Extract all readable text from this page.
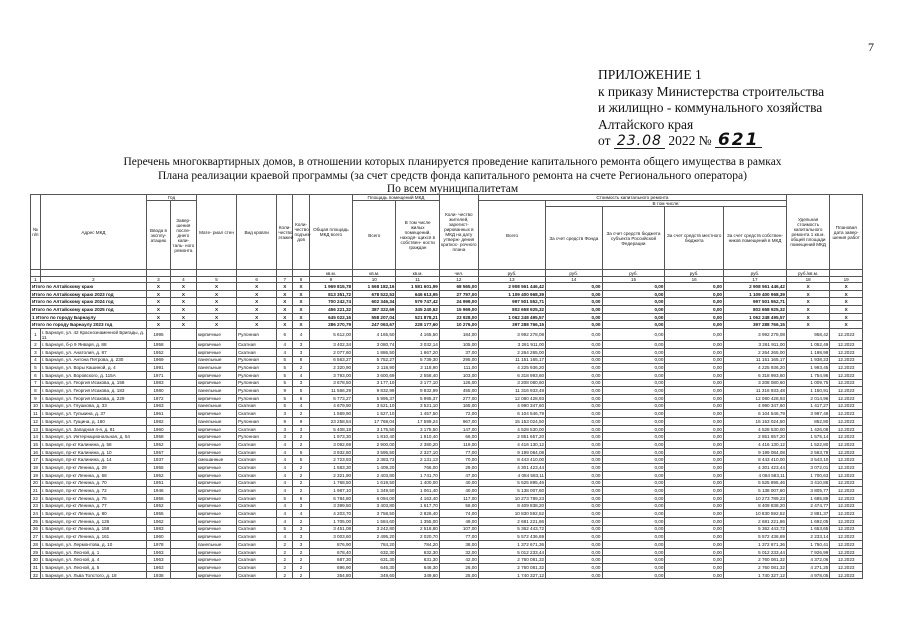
7
ПРИЛОЖЕНИЕ 1
к приказу Министерства строительства
и жилищно - коммунального хозяйства
Алтайского края
от 23.08 2022 № 621
Перечень многоквартирных домов, в отношении которых планируется проведение капитального ремонта общего имущества в рамках
Плана реализации краевой программы (за счет средств фонда капитального ремонта на счете Регионального оператора)
По всем муниципалитетам
№ п/п	Адрес МКД	Год		Мате- риал стен	Вид кровли	Коли- чество этажей	Коли- чество подъез- дов	Общая площадь МКД всего	Площадь помещений МКД		Коли- чество жителей, зарегист- рированных в МКД на дату утверж- дения краткос- рочного плана	Стоимость капитального ремонта					Удельная стоимость капитального ремонта 1 кв.м. общей площади помещений МКД	Плановая дата завер- шения работ
		Ввода в эксплу- атацию	Завер- шения после- днего капи- таль- ного ремонта						Всего	В том числе жилых помещений, находя- щихся в собствен- ности граждан		Всего	В том числе:					
													За счет средств Фонда	За счет средств бюджета субъекта Российской Федерации	За счет средств местного бюджета	За счет средств собствен- ников помещений в МКД		
								кв.м.	кв.м.	кв.м.	чел.	руб.	руб.	руб.	руб.	руб.	руб./кв.м.	
1	2	3	4	5	6	7	8	9	10	11	12	13	14	15	16	17	18	19
Итого по Алтайскому краю		X	X	X	X	X	X	1 969 815,78	1 668 182,16	1 581 601,99	68 565,00	2 908 561 446,42	0,00	0,00	0,00	2 908 561 446,42	X	X
Итого по Алтайскому краю 2023 год		X	X	X	X	X	X	813 351,72	678 522,53	646 613,95	27 797,00	1 109 400 968,39	0,00	0,00	0,00	1 109 400 968,39	X	X
Итого по Алтайскому краю 2024 год		X	X	X	X	X	X	700 242,74	602 346,34	579 747,42	24 999,00	997 501 552,71	0,00	0,00	0,00	997 501 552,71	X	X
Итого по Алтайскому краю 2025 год		X	X	X	X	X	X	456 221,32	387 322,69	345 240,62	15 969,00	802 658 925,32	0,00	0,00	0,00	802 658 925,32	X	X
1 Итого по городу Барнаулу		X	X	X	X	X	X	645 022,16	558 207,04	521 878,21	23 928,00	1 062 248 495,57	0,00	0,00	0,00	1 062 248 495,57	X	X
Итого по городу Барнаулу 2023 год		X	X	X	X	X	X	286 270,79	247 063,67	228 177,60	10 276,00	397 288 766,15	0,00	0,00	0,00	397 288 766,15	X	X
1	г. Барнаул, ул. 42 Краснознаменной Бригады, д. 11	1995		кирпичные	Рулонная	6	4	5 612,00	4 165,50	4 165,50	184,00	3 992 278,08	0,00	0,00	0,00	3 992 278,08	958,42	12.2023
2	г. Барнаул, б-р 9 Января, д. 88	1958		кирпичные	Скатная	4	3	3 402,34	3 080,74	3 032,14	105,00	3 261 911,00	0,00	0,00	0,00	3 261 911,00	1 052,49	12.2023
3	г. Барнаул, ул. Анатолия, д. 87	1952		кирпичные	Скатная	4	3	2 077,60	1 886,50	1 667,20	37,00	2 264 265,00	0,00	0,00	0,00	2 264 265,00	1 198,98	12.2023
4	г. Барнаул, ул. Антона Петрова, д. 230	1969		панельные	Рулонная	5	8	6 563,27	5 752,27	5 739,30	295,00	11 151 165,17	0,00	0,00	0,00	11 151 165,17	1 938,23	12.2023
5	г. Барнаул, ул. Воры Кашиной, д. 4	1991		панельные	Рулонная	5	2	2 320,90	2 118,90	2 118,90	111,00	4 225 936,20	0,00	0,00	0,00	4 225 936,20	1 993,45	12.2023
6	г. Барнаул, ул. Воровского, д. 115А	1971		кирпичные	Рулонная	5	4	3 793,00	3 600,69	2 558,40	103,00	6 318 993,60	0,00	0,00	0,00	6 318 993,60	1 754,96	12.2023
7	г. Барнаул, ул. Георгия Исакова, д. 158	1983		кирпичные	Рулонная	5	3	3 678,50	3 177,10	3 177,10	126,00	3 208 080,60	0,00	0,00	0,00	3 208 080,60	1 009,75	12.2023
8	г. Барнаул, ул. Георгия Исакова, д. 183	1980		панельные	Рулонная	9	5	11 566,29	9 832,99	9 832,99	455,00	11 316 933,48	0,00	0,00	0,00	11 316 933,48	1 150,91	12.2023
9	г. Барнаул, ул. Георгия Исакова, д. 229	1972		кирпичные	Рулонная	5	6	6 773,27	5 995,37	5 995,37	277,00	12 080 428,93	0,00	0,00	0,00	12 080 428,93	2 014,96	12.2023
10	г. Барнаул, ул. Глушкова, д. 33	1963		панельные	Скатная	5	4	4 679,90	3 521,10	3 521,10	165,00	4 990 347,60	0,00	0,00	0,00	4 990 347,60	1 417,27	12.2023
11	г. Барнаул, ул. Гулькина, д. 37	1961		кирпичные	Скатная	3	2	1 569,90	1 527,10	1 457,50	72,00	6 104 546,79	0,00	0,00	0,00	6 104 546,79	3 997,48	12.2023
12	г. Барнаул, ул. Гущина, д. 160	1982		панельные	Рулонная	9	9	23 258,54	17 768,04	17 599,24	967,00	15 153 024,50	0,00	0,00	0,00	15 153 024,50	852,80	12.2023
13	г. Барнаул, ул. Западная 4-я, д. 81	1960		кирпичные	Скатная	3	3	5 408,18	3 175,50	3 175,50	147,00	4 528 530,00	0,00	0,00	0,00	4 528 530,00	1 426,08	12.2023
14	г. Барнаул, ул. Интернациональная, д. 54	1958		кирпичные	Рулонная	3	2	1 973,30	1 810,40	1 810,40	66,00	2 851 657,20	0,00	0,00	0,00	2 851 657,20	1 575,14	12.2023
15	г. Барнаул, пр-кт Калинина, д. 58	1952		кирпичные	Скатная	4	2	3 092,69	2 900,00	2 380,20	119,00	4 416 130,12	0,00	0,00	0,00	4 416 130,12	1 522,80	12.2023
16	г. Барнаул, пр-кт Калинина, д. 10	1957		кирпичные	Скатная	4	5	3 932,80	3 595,50	2 327,10	77,00	9 199 084,08	0,00	0,00	0,00	9 199 084,08	2 563,78	12.2023
17	г. Барнаул, пр-кт Калинина, д. 14	1937		смешанные	Скатная	4	5	2 723,93	2 383,73	2 131,13	70,00	8 443 410,00	0,00	0,00	0,00	8 443 410,00	3 543,10	12.2023
18	г. Барнаул, пр-кт Ленина, д. 29	1955		кирпичные	Скатная	4	2	1 583,30	1 409,20	766,00	29,00	4 301 423,44	0,00	0,00	0,00	4 301 423,44	3 072,01	12.2023
19	г. Барнаул, пр-кт Ленина, д. 58	1952		кирпичные	Скатная	4	2	2 321,90	2 403,80	1 741,70	47,00	4 084 583,11	0,00	0,00	0,00	4 084 583,11	1 700,63	12.2023
20	г. Барнаул, пр-кт Ленина, д. 70	1951		кирпичные	Скатная	4	2	1 768,50	1 619,50	1 400,00	40,00	5 525 895,46	0,00	0,00	0,00	5 525 895,46	3 410,86	12.2023
21	г. Барнаул, пр-кт Ленина, д. 72	1946		кирпичные	Скатная	4	2	1 987,10	1 349,50	1 061,40	40,00	5 138 007,60	0,00	0,00	0,00	5 138 007,60	3 805,77	12.2023
22	г. Барнаул, пр-кт Ленина, д. 75	1956		кирпичные	Скатная	5	6	6 784,80	6 094,00	4 163,40	117,00	10 273 789,23	0,00	0,00	0,00	10 273 789,23	1 685,89	12.2023
23	г. Барнаул, пр-кт Ленина, д. 77	1952		кирпичные	Скатная	4	3	3 399,50	3 403,80	1 617,70	56,00	8 409 838,20	0,00	0,00	0,00	8 409 838,20	2 474,77	12.2023
24	г. Барнаул, пр-кт Ленина, д. 80	1955		кирпичные	Скатная	4	4	4 203,70	3 758,50	2 826,40	74,00	10 830 592,52	0,00	0,00	0,00	10 830 592,52	2 881,37	12.2023
25	г. Барнаул, пр-кт Ленина, д. 126	1962		кирпичные	Скатная	4	2	1 705,00	1 584,60	1 355,00	49,00	2 681 221,86	0,00	0,00	0,00	2 681 221,86	1 692,05	12.2023
26	г. Барнаул, пр-кт Ленина, д. 158	1983		кирпичные	Скатная	5	3	3 451,08	3 242,80	2 518,80	107,00	5 362 443,72	0,00	0,00	0,00	5 362 443,72	1 653,65	12.2023
27	г. Барнаул, пр-кт Ленина, д. 161	1960		кирпичные	Скатная	4	3	3 003,60	2 495,20	2 020,70	77,00	5 572 436,69	0,00	0,00	0,00	5 572 436,69	2 233,14	12.2023
28	г. Барнаул, ул. Лермонтова, д. 10	1978		панельные	Скатная	2	3	876,90	784,20	784,20	38,00	1 372 671,36	0,00	0,00	0,00	1 372 671,36	1 750,41	12.2023
29	г. Барнаул, ул. Лесной, д. 1	1963		кирпичные	Скатная	2	2	678,40	632,30	632,30	32,00	5 012 233,44	0,00	0,00	0,00	5 012 233,44	7 926,99	12.2023
30	г. Барнаул, ул. Лесной, д. 4	1963		кирпичные	Скатная	2	2	687,30	631,30	631,30	42,00	2 760 081,32	0,00	0,00	0,00	2 760 081,32	4 372,06	12.2023
31	г. Барнаул, ул. Лесной, д. 5	1963		кирпичные	Скатная	2	2	696,90	646,30	646,30	26,00	2 760 081,32	0,00	0,00	0,00	2 760 081,32	4 271,25	12.2023
32	г. Барнаул, ул. Льва Толстого, д. 18	1938		кирпичные	Скатная	2	2	354,80	349,60	349,60	25,00	1 740 327,12	0,00	0,00	0,00	1 740 327,12	4 978,05	12.2023
